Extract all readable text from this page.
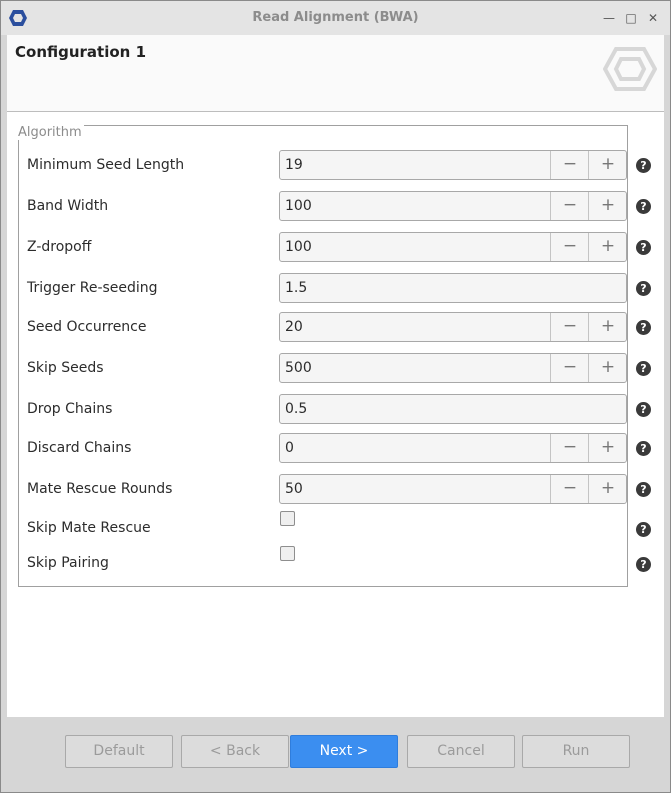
Read Alignment (BWA)	— □ ✕
Configuration 1
Algorithm
Minimum Seed Length	19	−	+	?
Band Width	100	−	+	?
Z-dropoff	100	−	+	?
Trigger Re-seeding	1.5	?
Seed Occurrence	20	−	+	?
Skip Seeds	500	−	+	?
Drop Chains	0.5	?
Discard Chains	0	−	+	?
Mate Rescue Rounds	50	−	+	?
Skip Mate Rescue	?
Skip Pairing	?
Default	< Back	Next >	Cancel	Run
